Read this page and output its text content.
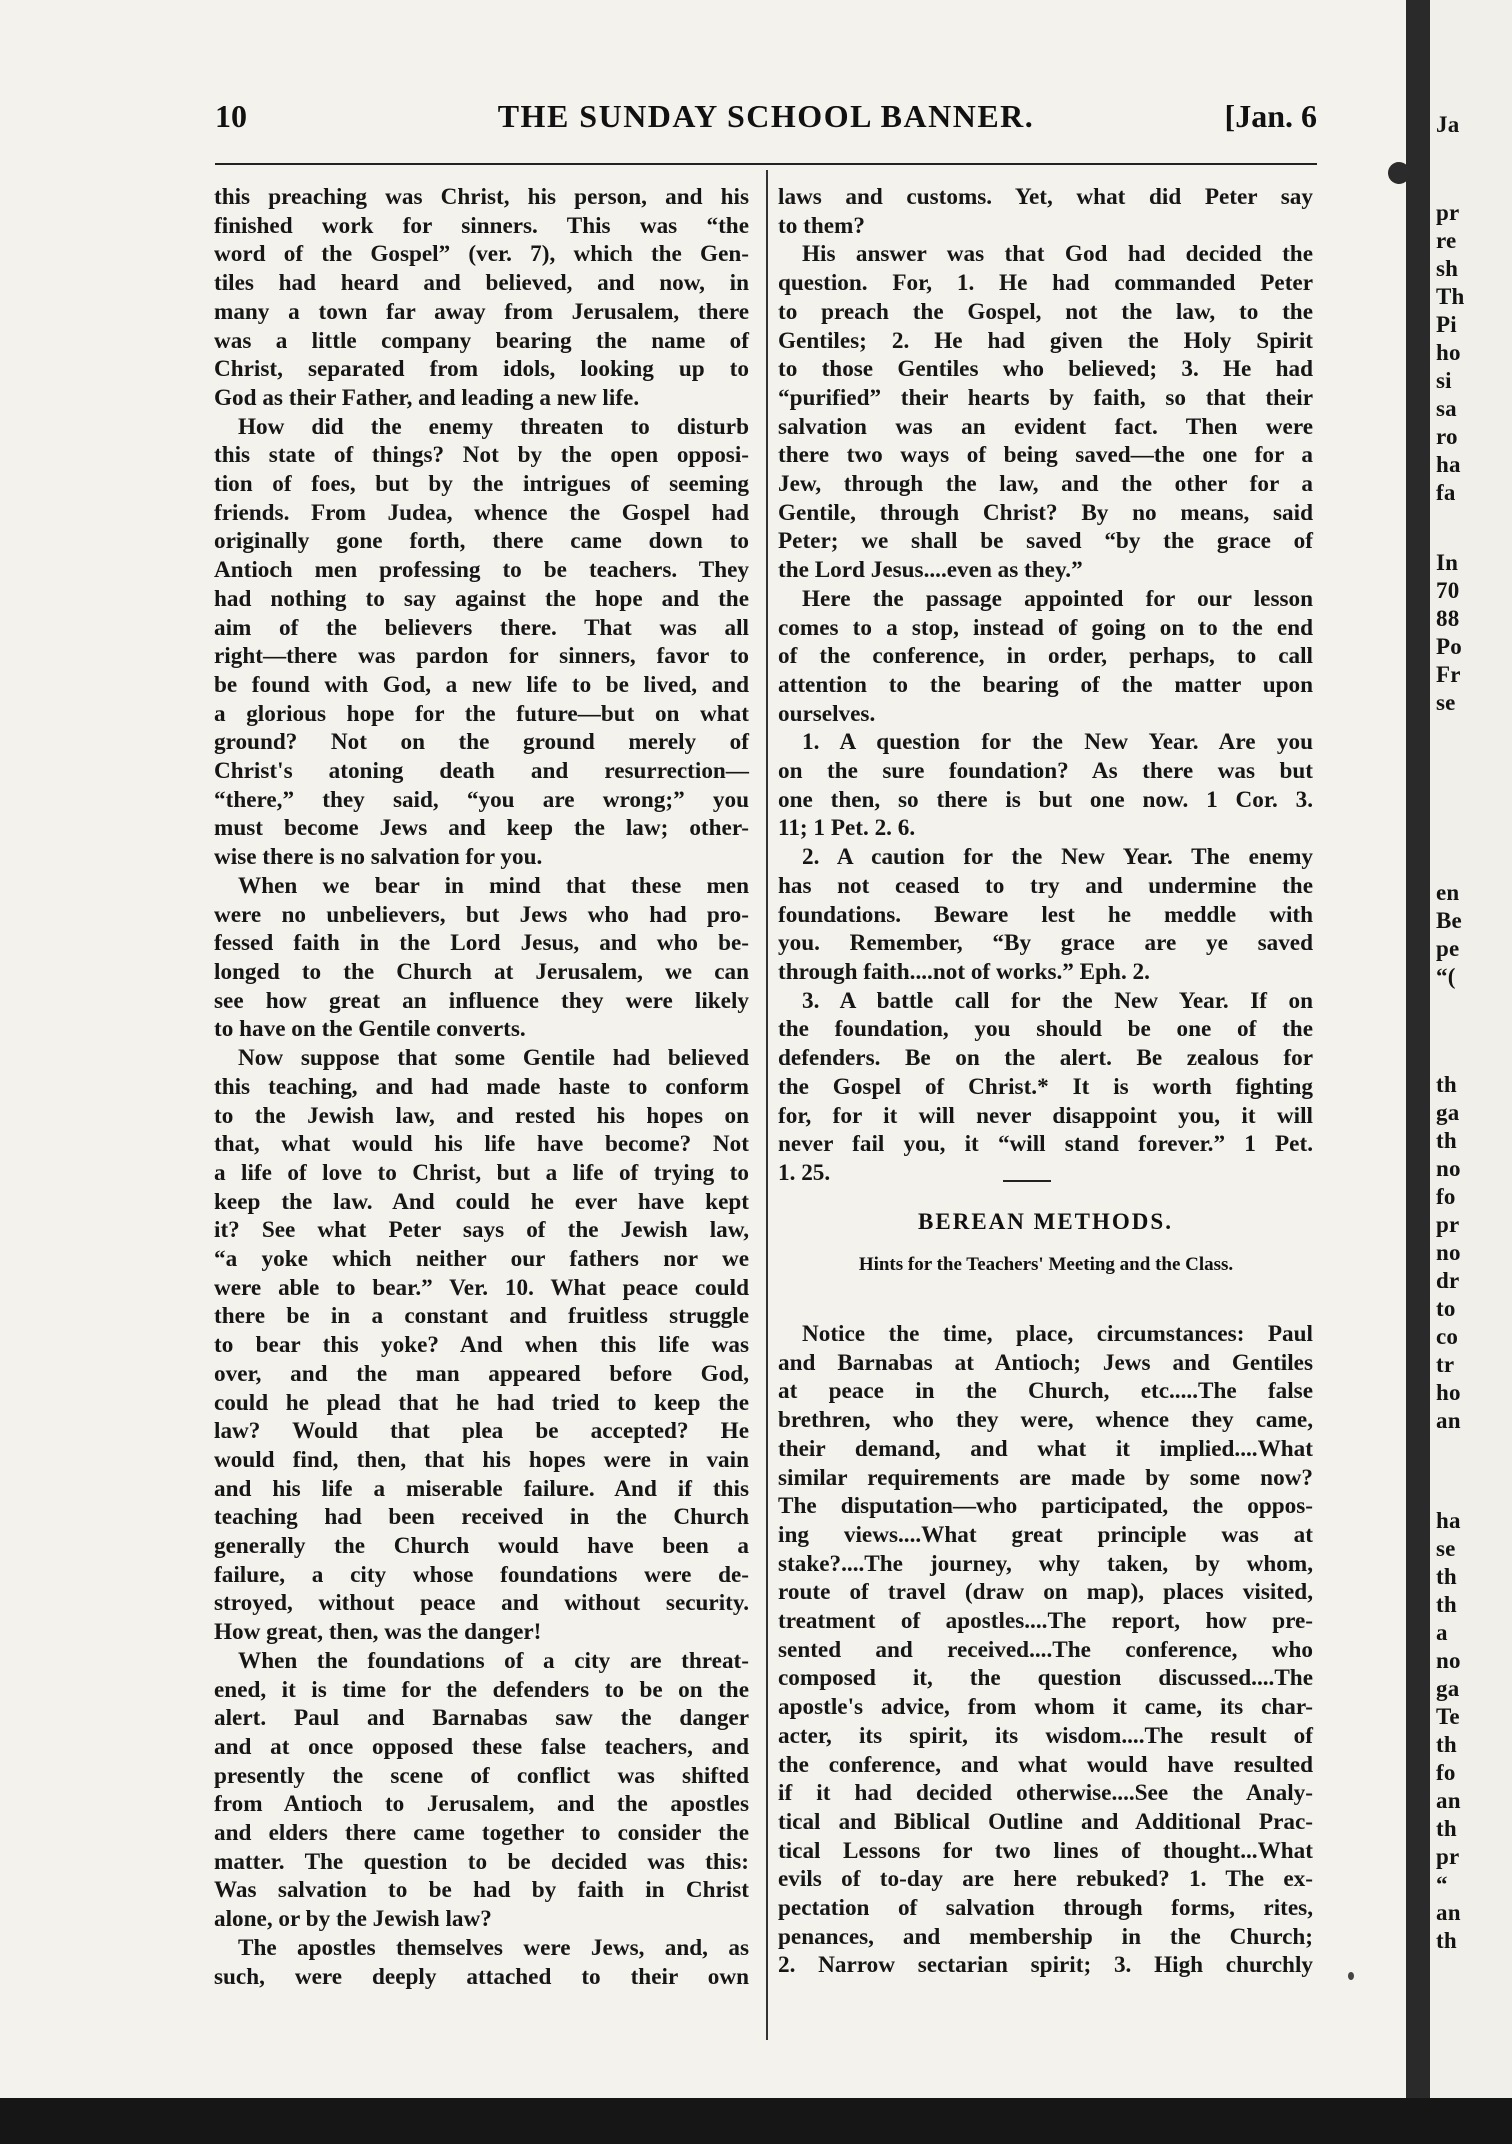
10	THE SUNDAY SCHOOL BANNER.	[Jan. 6
this preaching was Christ, his person, and his
finished work for sinners. This was “the
word of the Gospel” (ver. 7), which the Gen-
tiles had heard and believed, and now, in
many a town far away from Jerusalem, there
was a little company bearing the name of
Christ, separated from idols, looking up to
God as their Father, and leading a new life.
How did the enemy threaten to disturb
this state of things? Not by the open opposi-
tion of foes, but by the intrigues of seeming
friends. From Judea, whence the Gospel had
originally gone forth, there came down to
Antioch men professing to be teachers. They
had nothing to say against the hope and the
aim of the believers there. That was all
right—there was pardon for sinners, favor to
be found with God, a new life to be lived, and
a glorious hope for the future—but on what
ground? Not on the ground merely of
Christ's atoning death and resurrection—
“there,” they said, “you are wrong;” you
must become Jews and keep the law; other-
wise there is no salvation for you.
When we bear in mind that these men
were no unbelievers, but Jews who had pro-
fessed faith in the Lord Jesus, and who be-
longed to the Church at Jerusalem, we can
see how great an influence they were likely
to have on the Gentile converts.
Now suppose that some Gentile had believed
this teaching, and had made haste to conform
to the Jewish law, and rested his hopes on
that, what would his life have become? Not
a life of love to Christ, but a life of trying to
keep the law. And could he ever have kept
it? See what Peter says of the Jewish law,
“a yoke which neither our fathers nor we
were able to bear.” Ver. 10. What peace could
there be in a constant and fruitless struggle
to bear this yoke? And when this life was
over, and the man appeared before God,
could he plead that he had tried to keep the
law? Would that plea be accepted? He
would find, then, that his hopes were in vain
and his life a miserable failure. And if this
teaching had been received in the Church
generally the Church would have been a
failure, a city whose foundations were de-
stroyed, without peace and without security.
How great, then, was the danger!
When the foundations of a city are threat-
ened, it is time for the defenders to be on the
alert. Paul and Barnabas saw the danger
and at once opposed these false teachers, and
presently the scene of conflict was shifted
from Antioch to Jerusalem, and the apostles
and elders there came together to consider the
matter. The question to be decided was this:
Was salvation to be had by faith in Christ
alone, or by the Jewish law?
The apostles themselves were Jews, and, as
such, were deeply attached to their own
laws and customs. Yet, what did Peter say
to them?
His answer was that God had decided the
question. For, 1. He had commanded Peter
to preach the Gospel, not the law, to the
Gentiles; 2. He had given the Holy Spirit
to those Gentiles who believed; 3. He had
“purified” their hearts by faith, so that their
salvation was an evident fact. Then were
there two ways of being saved—the one for a
Jew, through the law, and the other for a
Gentile, through Christ? By no means, said
Peter; we shall be saved “by the grace of
the Lord Jesus....even as they.”
Here the passage appointed for our lesson
comes to a stop, instead of going on to the end
of the conference, in order, perhaps, to call
attention to the bearing of the matter upon
ourselves.
1. A question for the New Year. Are you
on the sure foundation? As there was but
one then, so there is but one now. 1 Cor. 3.
11; 1 Pet. 2. 6.
2. A caution for the New Year. The enemy
has not ceased to try and undermine the
foundations. Beware lest he meddle with
you. Remember, “By grace are ye saved
through faith....not of works.” Eph. 2.
3. A battle call for the New Year. If on
the foundation, you should be one of the
defenders. Be on the alert. Be zealous for
the Gospel of Christ.* It is worth fighting
for, for it will never disappoint you, it will
never fail you, it “will stand forever.” 1 Pet.
1. 25.
BEREAN METHODS.
Hints for the Teachers' Meeting and the Class.
Notice the time, place, circumstances: Paul
and Barnabas at Antioch; Jews and Gentiles
at peace in the Church, etc.....The false
brethren, who they were, whence they came,
their demand, and what it implied....What
similar requirements are made by some now?
The disputation—who participated, the oppos-
ing views....What great principle was at
stake?....The journey, why taken, by whom,
route of travel (draw on map), places visited,
treatment of apostles....The report, how pre-
sented and received....The conference, who
composed it, the question discussed....The
apostle's advice, from whom it came, its char-
acter, its spirit, its wisdom....The result of
the conference, and what would have resulted
if it had decided otherwise....See the Analy-
tical and Biblical Outline and Additional Prac-
tical Lessons for two lines of thought...What
evils of to-day are here rebuked? 1. The ex-
pectation of salvation through forms, rites,
penances, and membership in the Church;
2. Narrow sectarian spirit; 3. High churchly
Ja
pr
re
sh
Th
Pi
ho
si
sa
ro
ha
fa
In
70
88
Po
Fr
se
en
Be
pe
“(
th
ga
th
no
fo
pr
no
dr
to
co
tr
ho
an
ha
se
th
th
a
no
ga
Te
th
fo
an
th
pr
“
an
th
